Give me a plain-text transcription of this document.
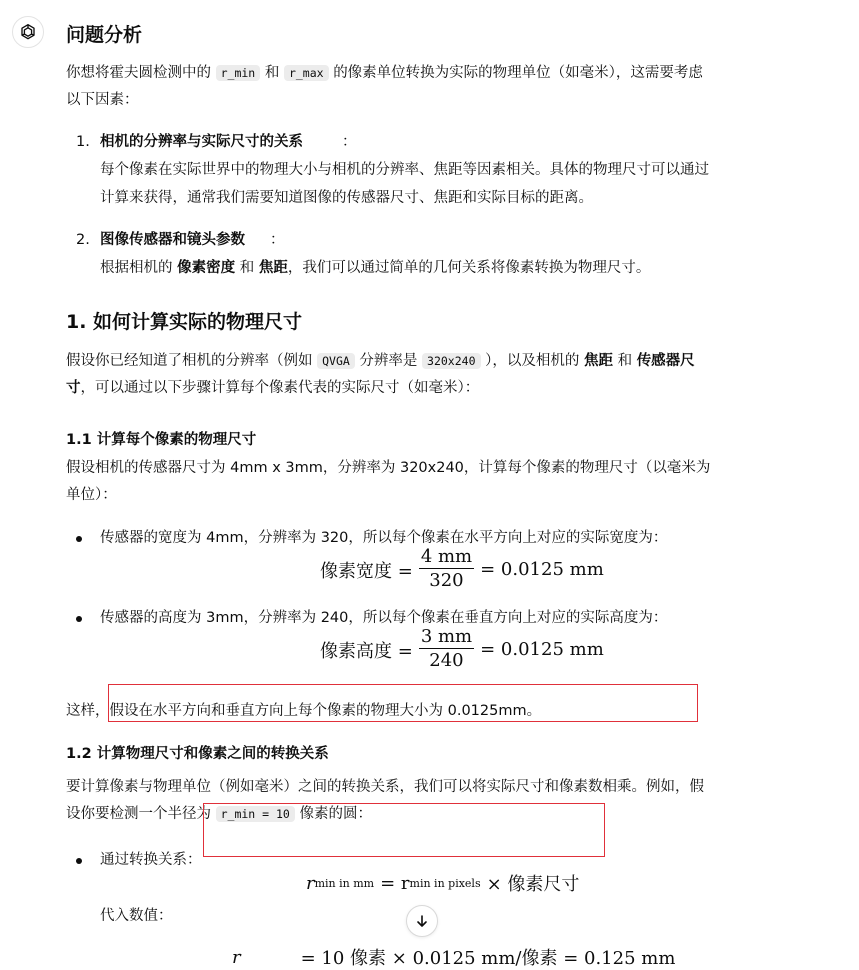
问题分析

你想将霍夫圆检测中的 r_min 和 r_max 的像素单位转换为实际的物理单位（如毫米），这需要考虑
以下因素：

1. 相机的分辨率与实际尺寸的关系	：
每个像素在实际世界中的物理大小与相机的分辨率、焦距等因素相关。具体的物理尺寸可以通过
计算来获得，通常我们需要知道图像的传感器尺寸、焦距和实际目标的距离。
2. 图像传感器和镜头参数 ：
根据相机的 像素密度 和 焦距，我们可以通过简单的几何关系将像素转换为物理尺寸。
1. 如何计算实际的物理尺寸

假设你已经知道了相机的分辨率（例如 QVGA 分辨率是 320x240 ），以及相机的 焦距 和 传感器尺
寸，可以通过以下步骤计算每个像素代表的实际尺寸（如毫米）：

1.1 计算每个像素的物理尺寸

假设相机的传感器尺寸为 4mm x 3mm，分辨率为 320x240，计算每个像素的物理尺寸（以毫米为
单位）：

传感器的宽度为 4mm，分辨率为 320，所以每个像素在水平方向上对应的实际宽度为：
像素宽度 = $\frac{4 mm}{320} = 0.0125$ mm
传感器的高度为 3mm，分辨率为 240，所以每个像素在垂直方向上对应的实际高度为：
像素高度 = $\frac{3 mm}{240} = 0.0125$ mm
这样，假设在水平方向和垂直方向上每个像素的物理大小为 0.0125mm。
1.2 计算物理尺寸和像素之间的转换关系

要计算像素与物理单位（例如毫米）之间的转换关系，我们可以将实际尺寸和像素数相乘。例如，假
设你要检测一个半径为 r_min = 10 像素的圆：

通过转换关系：
r min in mm = r min in pixels × 像素尺寸
代入数值：
r	= 10 像素 × 0.0125 mm/像素 = 0.125 mm
